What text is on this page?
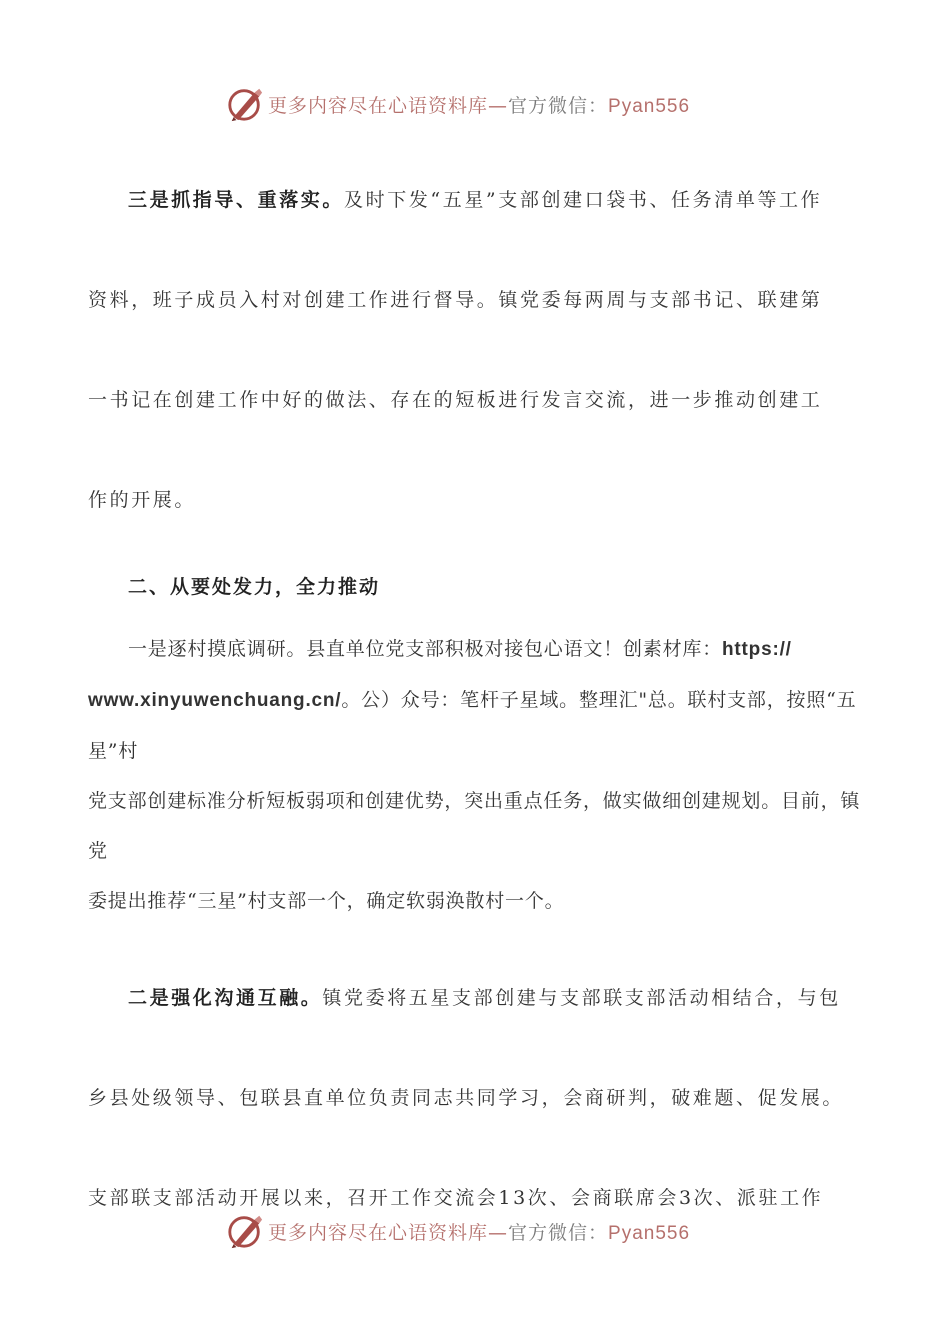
更多内容尽在心语资料库—官方微信：Pyan556

三是抓指导、重落实。及时下发“五星”支部创建口袋书、任务清单等工作

资料，班子成员入村对创建工作进行督导。镇党委每两周与支部书记、联建第

一书记在创建工作中好的做法、存在的短板进行发言交流，进一步推动创建工

作的开展。

二、从要处发力，全力推动

一是逐村摸底调研。县直单位党支部积极对接包心语文！创素材库：https://

www.xinyuwenchuang.cn/。公）众号：笔杆子星域。整理汇"总。联村支部，按照“五星”村

党支部创建标准分析短板弱项和创建优势，突出重点任务，做实做细创建规划。目前，镇党

委提出推荐“三星”村支部一个，确定软弱涣散村一个。

二是强化沟通互融。镇党委将五星支部创建与支部联支部活动相结合，与包

乡县处级领导、包联县直单位负责同志共同学习，会商研判，破难题、促发展。

支部联支部活动开展以来，召开工作交流会13次、会商联席会3次、派驻工作

更多内容尽在心语资料库—官方微信：Pyan556
